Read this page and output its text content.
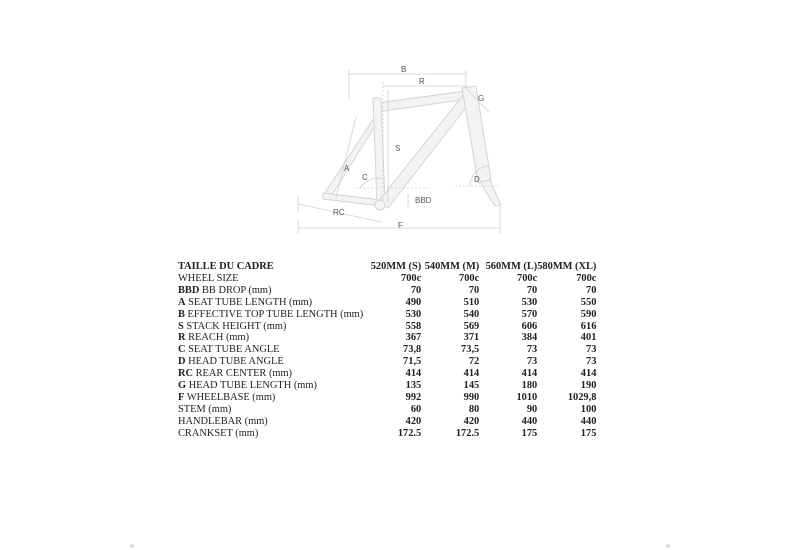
B
R
G
S
A
C	D
BBD
RC
F
TAILLE DU CADRE	520MM (S)	540MM (M)	560MM (L)	580MM (XL)
WHEEL SIZE	700c	700c	700c	700c
BBD BB DROP (mm)	70	70	70	70
A SEAT TUBE LENGTH (mm)	490	510	530	550
B EFFECTIVE TOP TUBE LENGTH (mm)	530	540	570	590
S STACK HEIGHT (mm)	558	569	606	616
R REACH (mm)	367	371	384	401
C SEAT TUBE ANGLE	73,8	73,5	73	73
D HEAD TUBE ANGLE	71,5	72	73	73
RC REAR CENTER (mm)	414	414	414	414
G HEAD TUBE LENGTH (mm)	135	145	180	190
F WHEELBASE (mm)	992	990	1010	1029,8
STEM (mm)	60	80	90	100
HANDLEBAR (mm)	420	420	440	440
CRANKSET (mm)	172.5	172.5	175	175
